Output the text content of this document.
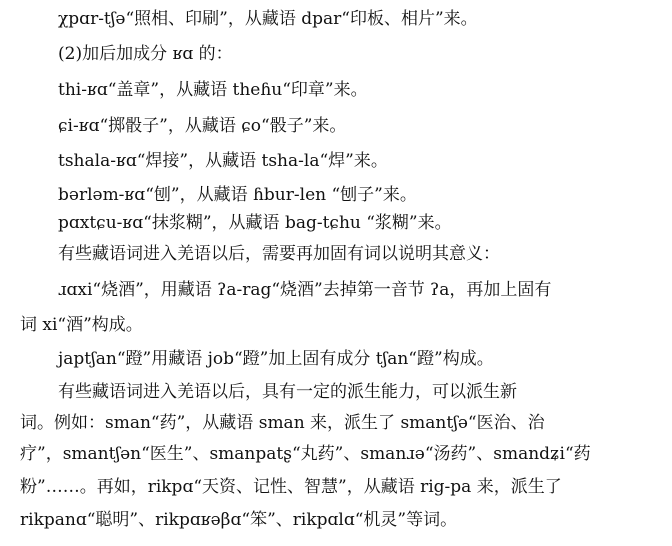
χpɑr-tʃə“照相、印刷”，从藏语 dpar“印板、相片”来。
(2)加后加成分 ʁɑ 的：
thi-ʁɑ“盖章”，从藏语 theɦu“印章”来。
ɕi-ʁɑ“掷骰子”，从藏语 ɕo“骰子”来。
tshala-ʁɑ“焊接”，从藏语 tsha-la“焊”来。
bərləm-ʁɑ“刨”，从藏语 ɦbur-len “刨子”来。
pɑxtɕu-ʁɑ“抹浆糊”，从藏语 bag-tɕhu “浆糊”来。
有些藏语词进入羌语以后，需要再加固有词以说明其意义：
ɹɑxi“烧酒”，用藏语 ʔa-rag“烧酒”去掉第一音节 ʔa，再加上固有
词 xi“酒”构成。
japtʃan“蹬”用藏语 job“蹬”加上固有成分 tʃan“蹬”构成。
有些藏语词进入羌语以后，具有一定的派生能力，可以派生新
词。例如：sman“药”，从藏语 sman 来，派生了 smantʃə“医治、治
疗”，smantʃən“医生”、smanpatʂ“丸药”、smanɹə“汤药”、smandʑi“药
粉”……。再如，rikpɑ“天资、记性、智慧”，从藏语 rig-pa 来，派生了
rikpanɑ“聪明”、rikpɑʁəβɑ“笨”、rikpɑlɑ“机灵”等词。
